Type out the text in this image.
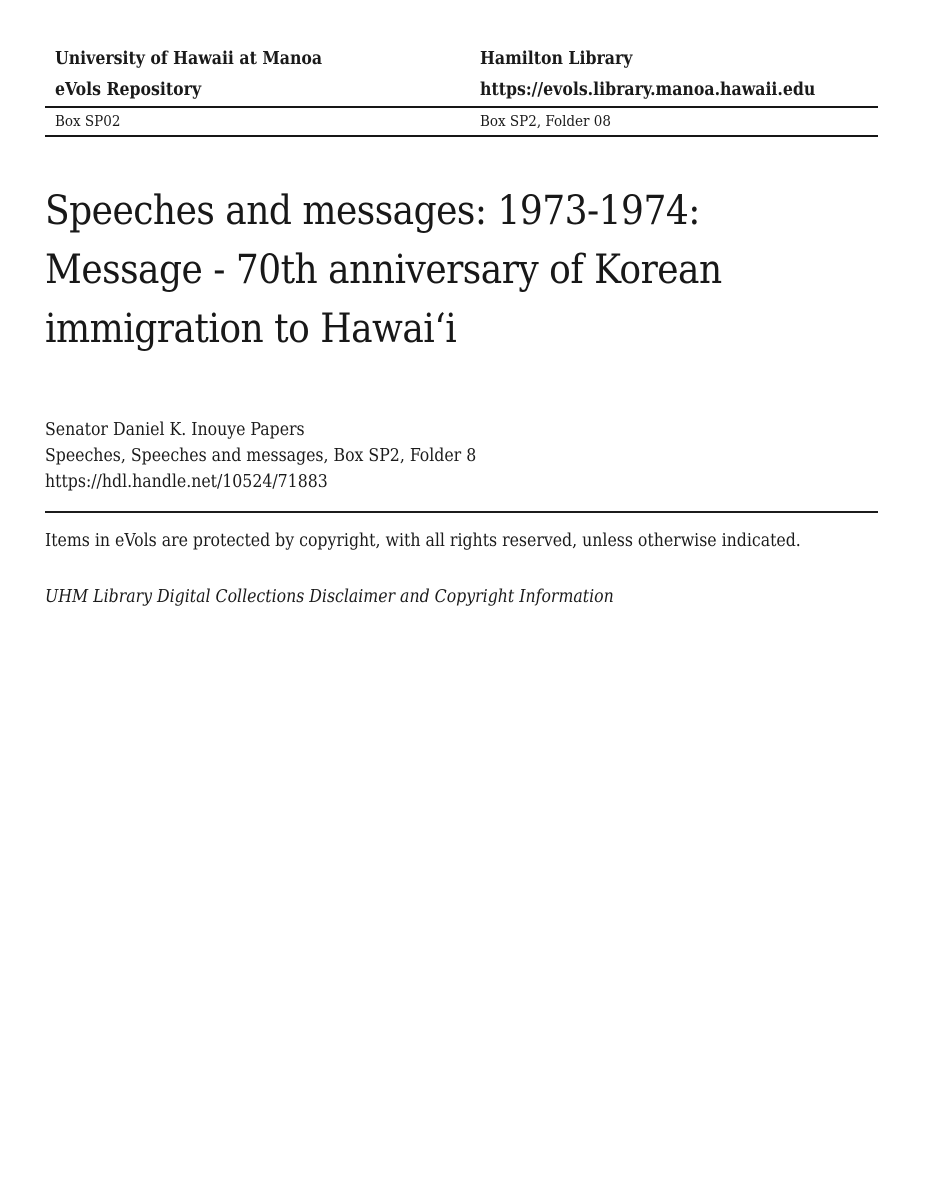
University of Hawaii at Manoa	Hamilton Library
eVols Repository	https://evols.library.manoa.hawaii.edu
Box SP02	Box SP2, Folder 08
Speeches and messages: 1973-1974:
Message - 70th anniversary of Korean
immigration to Hawaiʻi
Senator Daniel K. Inouye Papers
Speeches, Speeches and messages, Box SP2, Folder 8
https://hdl.handle.net/10524/71883
Items in eVols are protected by copyright, with all rights reserved, unless otherwise indicated.
UHM Library Digital Collections Disclaimer and Copyright Information
